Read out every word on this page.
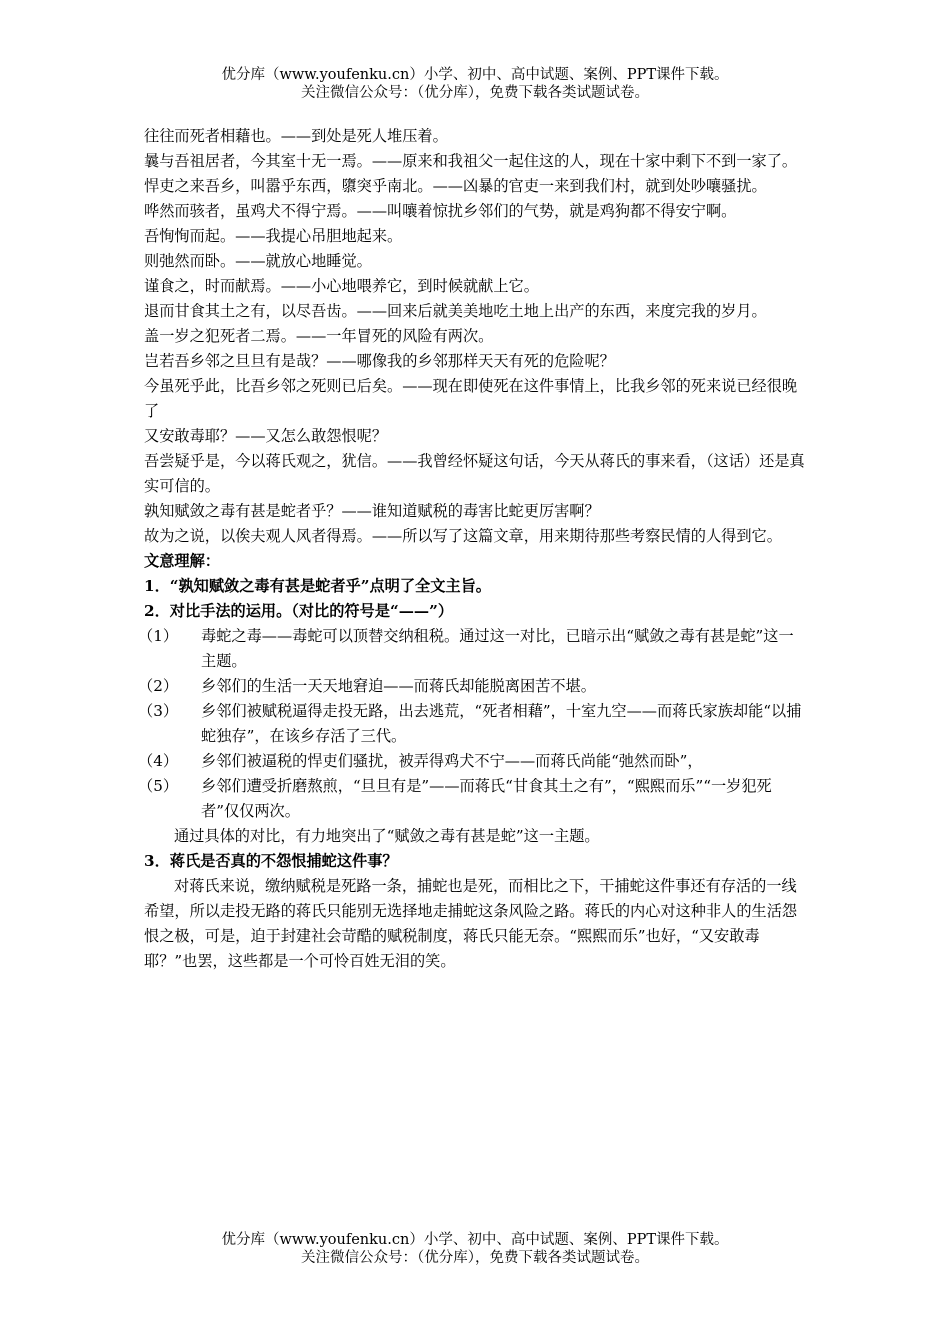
优分库（www.youfenku.cn）小学、初中、高中试题、案例、PPT课件下载。
关注微信公众号：（优分库），免费下载各类试题试卷。

往往而死者相藉也。——到处是死人堆压着。

曩与吾祖居者，今其室十无一焉。——原来和我祖父一起住这的人，现在十家中剩下不到一家了。

悍吏之来吾乡，叫嚣乎东西，隳突乎南北。——凶暴的官吏一来到我们村，就到处吵嚷骚扰。

哗然而骇者，虽鸡犬不得宁焉。——叫嚷着惊扰乡邻们的气势，就是鸡狗都不得安宁啊。

吾恂恂而起。——我提心吊胆地起来。

则弛然而卧。——就放心地睡觉。

谨食之，时而献焉。——小心地喂养它，到时候就献上它。

退而甘食其土之有，以尽吾齿。——回来后就美美地吃土地上出产的东西，来度完我的岁月。

盖一岁之犯死者二焉。——一年冒死的风险有两次。

岂若吾乡邻之旦旦有是哉？——哪像我的乡邻那样天天有死的危险呢？

今虽死乎此，比吾乡邻之死则已后矣。——现在即使死在这件事情上，比我乡邻的死来说已经很晚了

又安敢毒耶？——又怎么敢怨恨呢？

吾尝疑乎是，今以蒋氏观之，犹信。——我曾经怀疑这句话，今天从蒋氏的事来看，（这话）还是真实可信的。

孰知赋敛之毒有甚是蛇者乎？——谁知道赋税的毒害比蛇更厉害啊？

故为之说，以俟夫观人风者得焉。——所以写了这篇文章，用来期待那些考察民情的人得到它。

文意理解：

1．“孰知赋敛之毒有甚是蛇者乎”点明了全文主旨。

2．对比手法的运用。（对比的符号是“——”）

（1） 毒蛇之毒——毒蛇可以顶替交纳租税。通过这一对比，已暗示出“赋敛之毒有甚是蛇”这一主题。
（2） 乡邻们的生活一天天地窘迫——而蒋氏却能脱离困苦不堪。
（3） 乡邻们被赋税逼得走投无路，出去逃荒，“死者相藉”，十室九空——而蒋氏家族却能“以捕蛇独存”，在该乡存活了三代。
（4） 乡邻们被逼税的悍吏们骚扰，被弄得鸡犬不宁——而蒋氏尚能“弛然而卧”，
（5） 乡邻们遭受折磨熬煎，“旦旦有是”——而蒋氏“甘食其土之有”，“熙熙而乐”“一岁犯死者”仅仅两次。

通过具体的对比，有力地突出了“赋敛之毒有甚是蛇”这一主题。

3．蒋氏是否真的不怨恨捕蛇这件事？

对蒋氏来说，缴纳赋税是死路一条，捕蛇也是死，而相比之下，干捕蛇这件事还有存活的一线希望，所以走投无路的蒋氏只能别无选择地走捕蛇这条风险之路。蒋氏的内心对这种非人的生活怨恨之极，可是，迫于封建社会苛酷的赋税制度，蒋氏只能无奈。“熙熙而乐”也好，“又安敢毒耶？”也罢，这些都是一个可怜百姓无泪的笑。

优分库（www.youfenku.cn）小学、初中、高中试题、案例、PPT课件下载。
关注微信公众号：（优分库），免费下载各类试题试卷。
